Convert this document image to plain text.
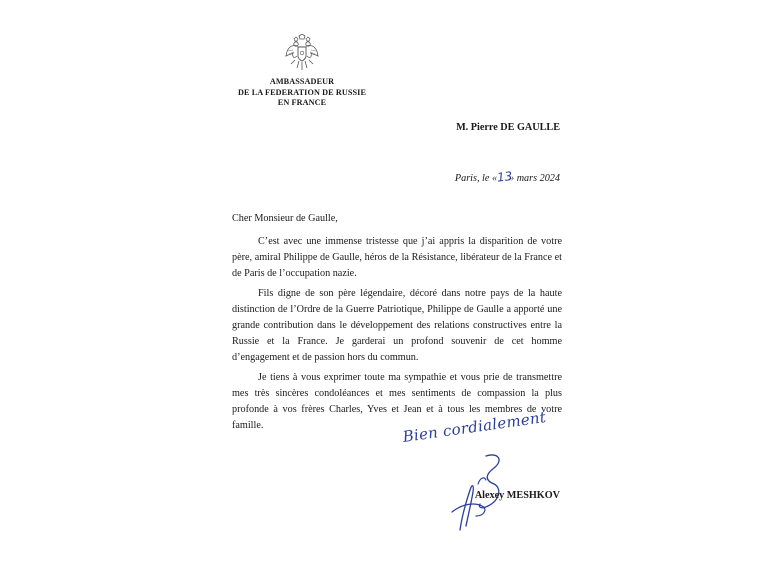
AMBASSADEUR
DE LA FEDERATION DE RUSSIE
EN FRANCE
M. Pierre DE GAULLE
Paris, le «13» mars 2024
Cher Monsieur de Gaulle,

C’est avec une immense tristesse que j’ai appris la disparition de votre père, amiral Philippe de Gaulle, héros de la Résistance, libérateur de la France et de Paris de l’occupation nazie.

Fils digne de son père légendaire, décoré dans notre pays de la haute distinction de l’Ordre de la Guerre Patriotique, Philippe de Gaulle a apporté une grande contribution dans le développement des relations constructives entre la Russie et la France. Je garderai un profond souvenir de cet homme d’engagement et de passion hors du commun.

Je tiens à vous exprimer toute ma sympathie et vous prie de transmettre mes très sincères condoléances et mes sentiments de compassion la plus profonde à vos frères Charles, Yves et Jean et à tous les membres de votre famille.	Bien cordialement
Alexey MESHKOV
